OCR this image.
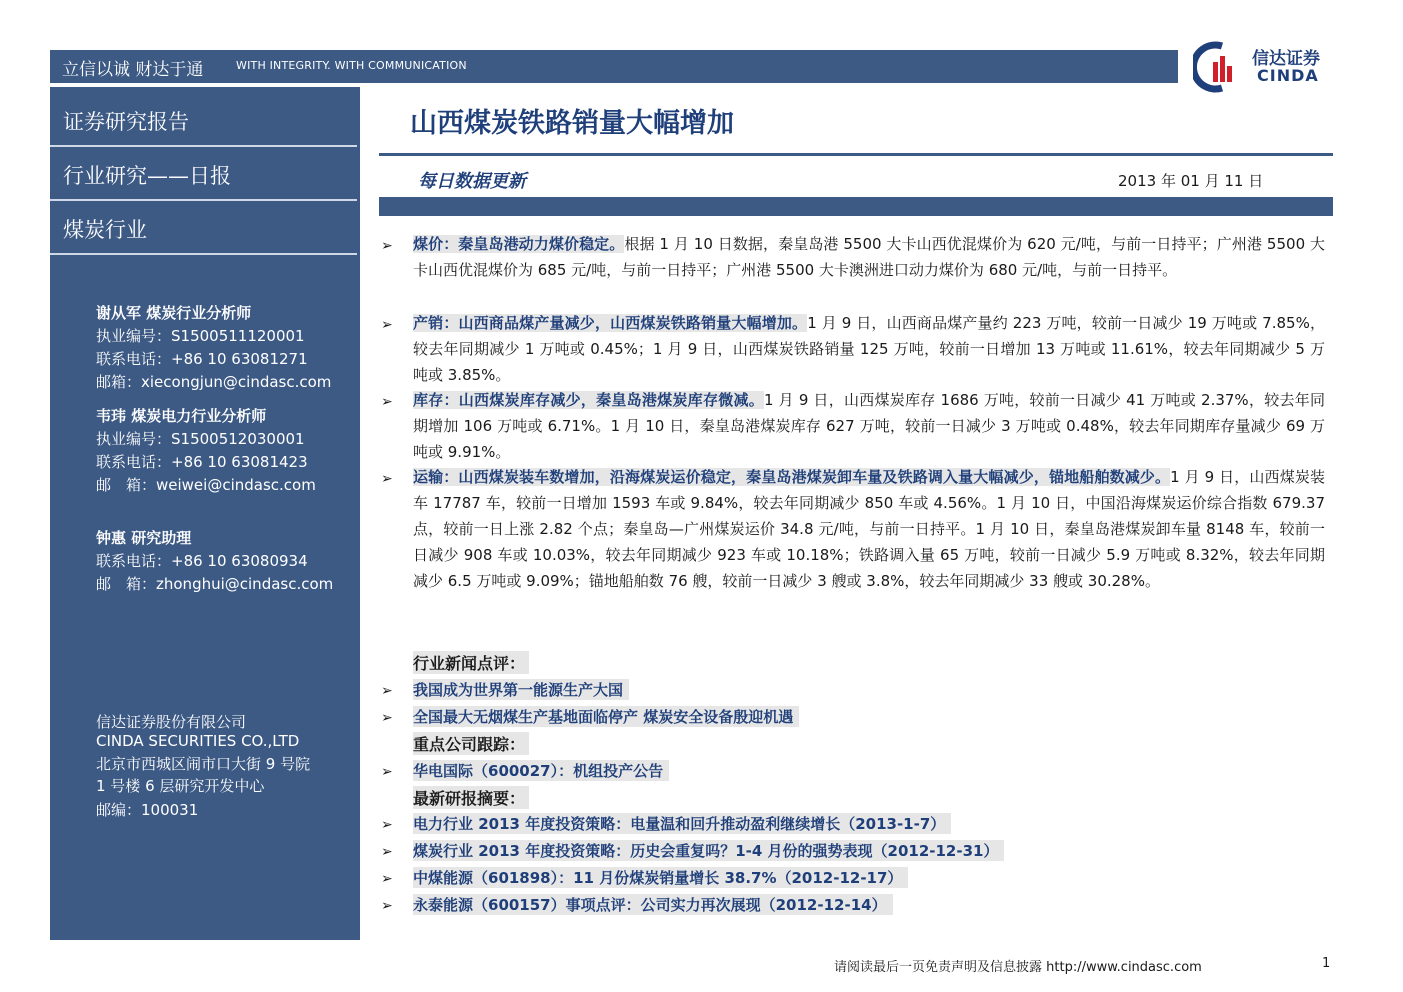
立信以诚 财达于通	WITH INTEGRITY. WITH COMMUNICATION	信达证券
CINDA
证券研究报告
行业研究——日报
煤炭行业
谢从军 煤炭行业分析师
执业编号：S1500511120001
联系电话：+86 10 63081271
邮箱：xiecongjun@cindasc.com
韦玮 煤炭电力行业分析师
执业编号：S1500512030001
联系电话：+86 10 63081423
邮　箱：weiwei@cindasc.com
钟惠 研究助理
联系电话：+86 10 63080934
邮　箱：zhonghui@cindasc.com
信达证券股份有限公司
CINDA SECURITIES CO.,LTD
北京市西城区闹市口大街 9 号院
1 号楼 6 层研究开发中心
邮编：100031
山西煤炭铁路销量大幅增加
每日数据更新	2013 年 01 月 11 日
➢ 煤价：秦皇岛港动力煤价稳定。根据 1 月 10 日数据，秦皇岛港 5500 大卡山西优混煤价为 620 元/吨，与前一日持平；广州港 5500 大卡山西优混煤价为 685 元/吨，与前一日持平；广州港 5500 大卡澳洲进口动力煤价为 680 元/吨，与前一日持平。
➢ 产销：山西商品煤产量减少，山西煤炭铁路销量大幅增加。1 月 9 日，山西商品煤产量约 223 万吨，较前一日减少 19 万吨或 7.85%，较去年同期减少 1 万吨或 0.45%；1 月 9 日，山西煤炭铁路销量 125 万吨，较前一日增加 13 万吨或 11.61%，较去年同期减少 5 万吨或 3.85%。
➢ 库存：山西煤炭库存减少，秦皇岛港煤炭库存微减。1 月 9 日，山西煤炭库存 1686 万吨，较前一日减少 41 万吨或 2.37%，较去年同期增加 106 万吨或 6.71%。1 月 10 日，秦皇岛港煤炭库存 627 万吨，较前一日减少 3 万吨或 0.48%，较去年同期库存量减少 69 万吨或 9.91%。
➢ 运输：山西煤炭装车数增加，沿海煤炭运价稳定，秦皇岛港煤炭卸车量及铁路调入量大幅减少，锚地船舶数减少。1 月 9 日，山西煤炭装车 17787 车，较前一日增加 1593 车或 9.84%，较去年同期减少 850 车或 4.56%。1 月 10 日，中国沿海煤炭运价综合指数 679.37 点，较前一日上涨 2.82 个点；秦皇岛—广州煤炭运价 34.8 元/吨，与前一日持平。1 月 10 日，秦皇岛港煤炭卸车量 8148 车，较前一日减少 908 车或 10.03%，较去年同期减少 923 车或 10.18%；铁路调入量 65 万吨，较前一日减少 5.9 万吨或 8.32%，较去年同期减少 6.5 万吨或 9.09%；锚地船舶数 76 艘，较前一日减少 3 艘或 3.8%，较去年同期减少 33 艘或 30.28%。
行业新闻点评：
➢ 我国成为世界第一能源生产大国
➢ 全国最大无烟煤生产基地面临停产 煤炭安全设备殷迎机遇
重点公司跟踪：
➢ 华电国际（600027）：机组投产公告
最新研报摘要：
➢ 电力行业 2013 年度投资策略：电量温和回升推动盈利继续增长（2013-1-7）
➢ 煤炭行业 2013 年度投资策略：历史会重复吗？1-4 月份的强势表现（2012-12-31）
➢ 中煤能源（601898）：11 月份煤炭销量增长 38.7%（2012-12-17）
➢ 永泰能源（600157）事项点评：公司实力再次展现（2012-12-14）
请阅读最后一页免责声明及信息披露 http://www.cindasc.com	1
